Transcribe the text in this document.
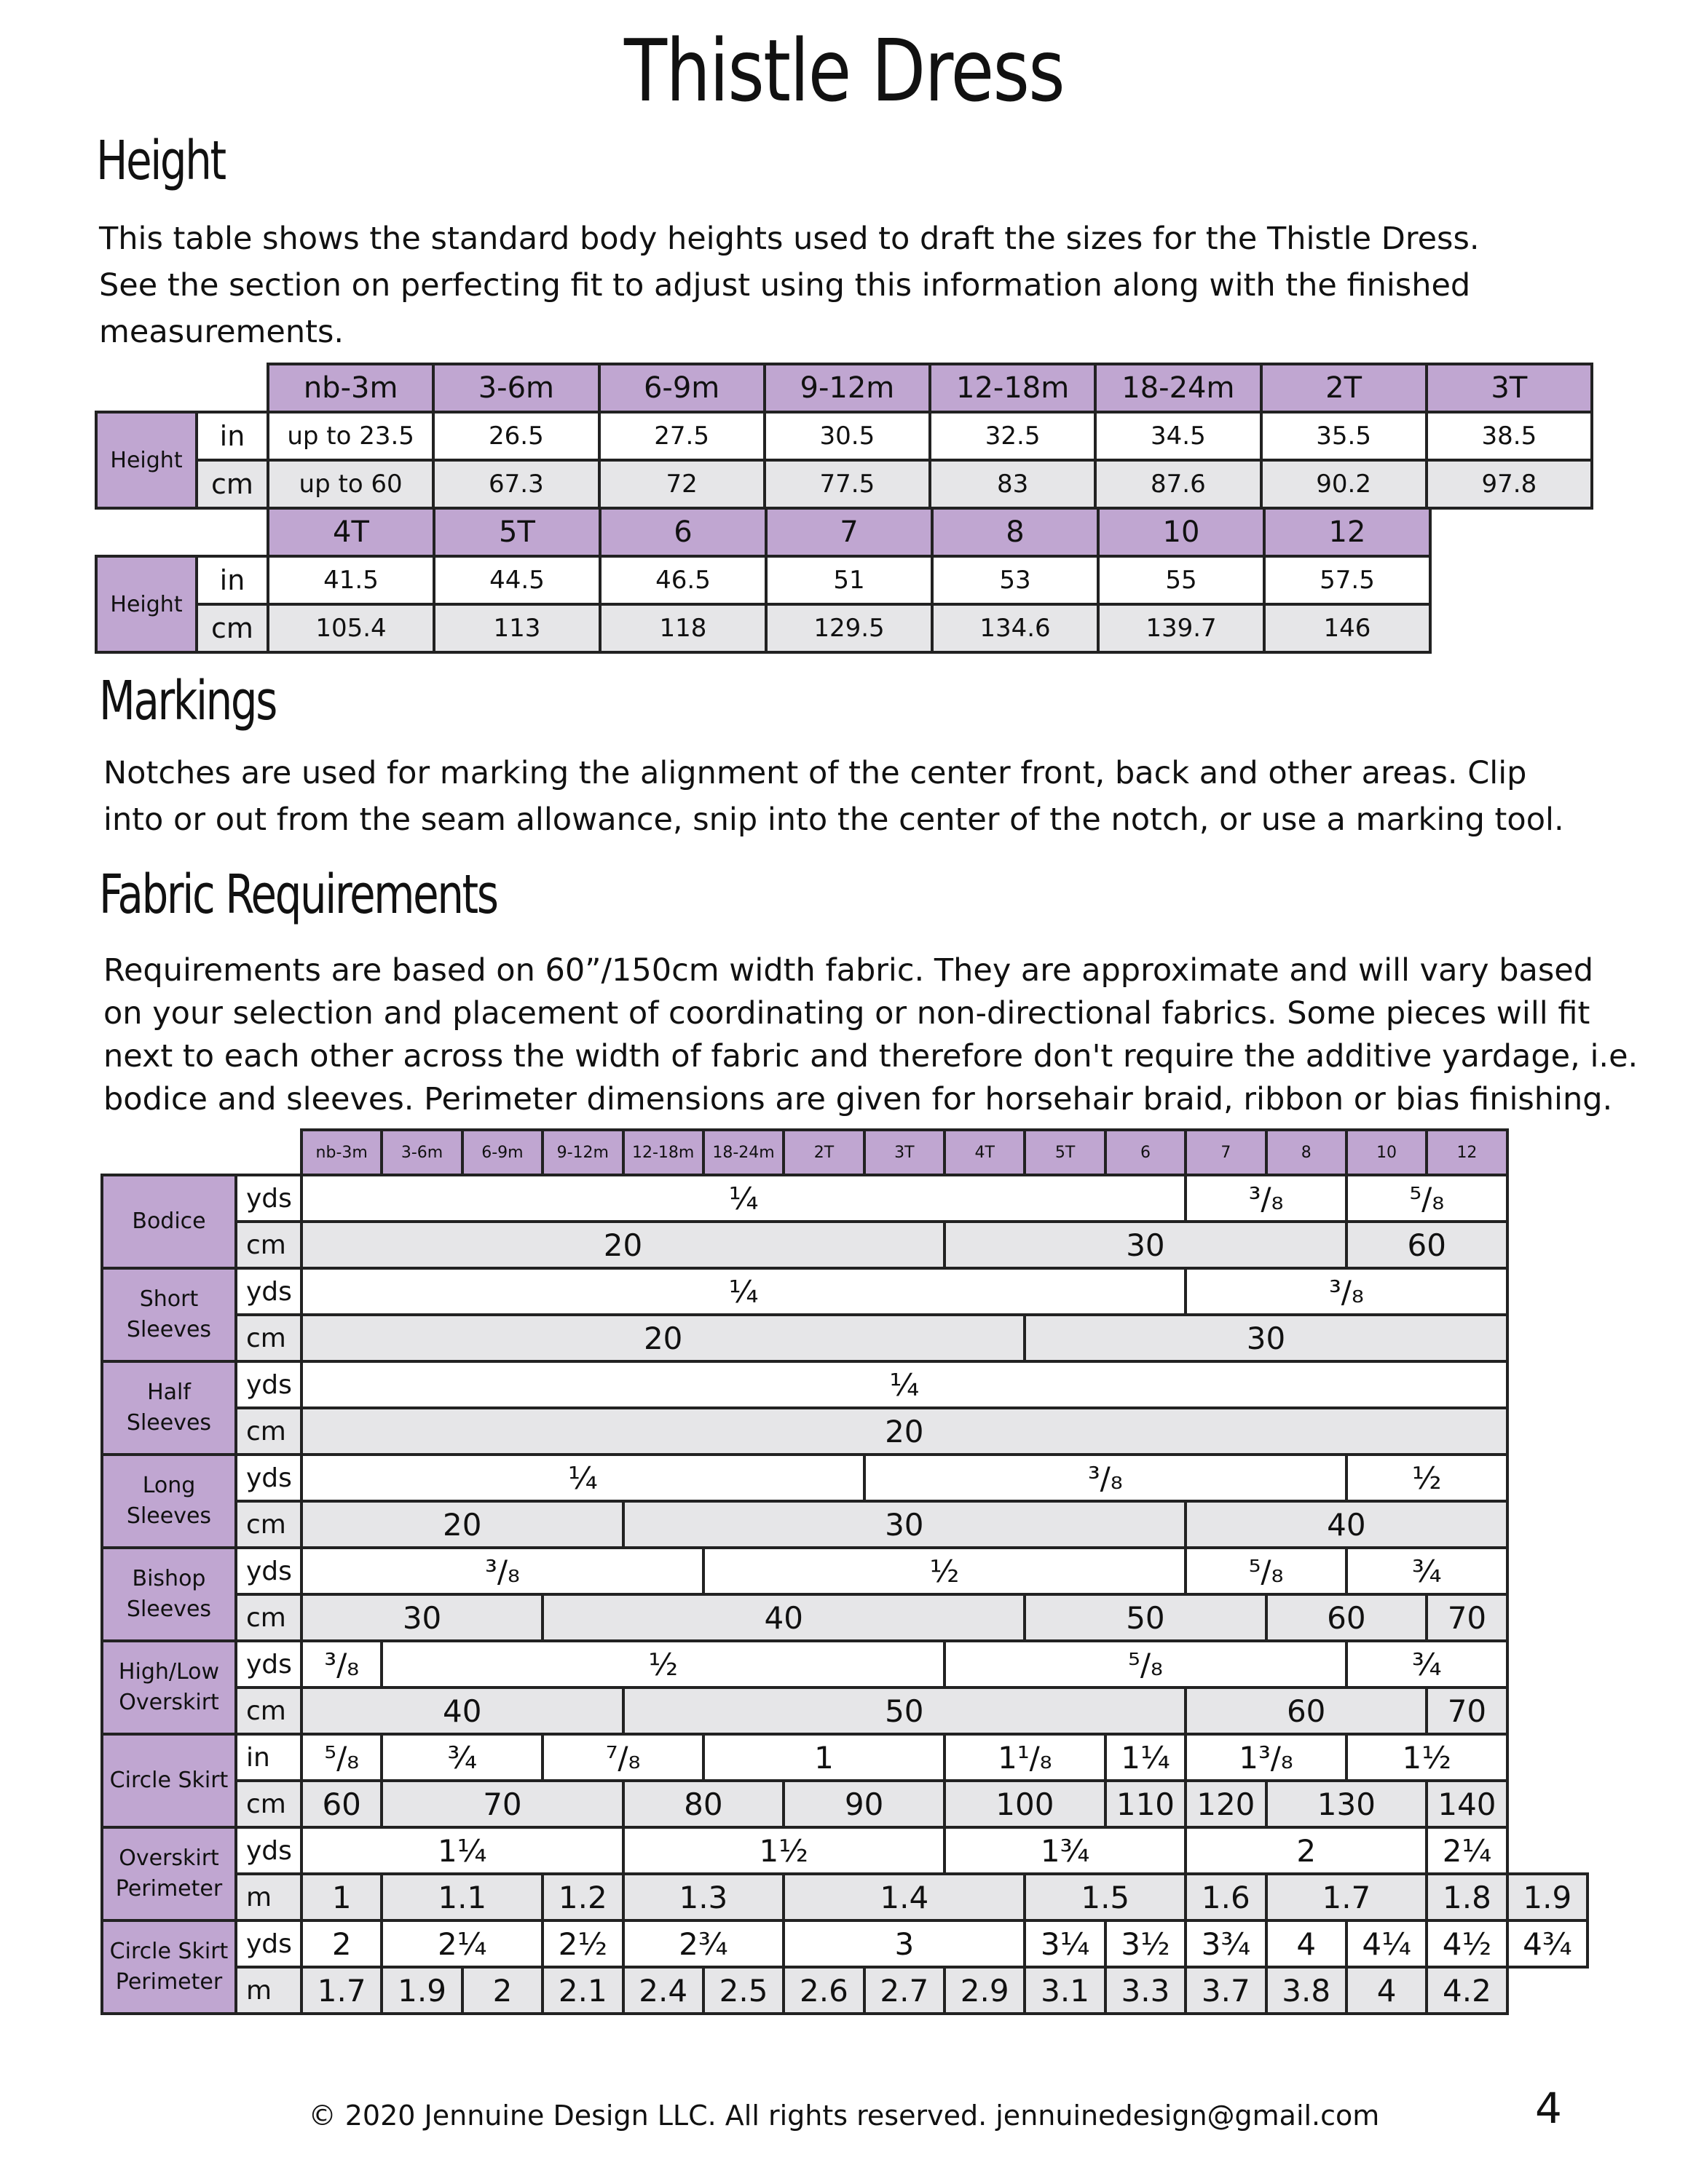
Thistle Dress
Height
This table shows the standard body heights used to draft the sizes for the Thistle Dress.
See the section on perfecting fit to adjust using this information along with the finished
measurements.
		nb-3m	3-6m	6-9m	9-12m	12-18m	18-24m	2T	3T
Height	in	up to 23.5	26.5	27.5	30.5	32.5	34.5	35.5	38.5
	cm	up to 60	67.3	72	77.5	83	87.6	90.2	97.8
		4T	5T	6	7	8	10	12
Height	in	41.5	44.5	46.5	51	53	55	57.5
	cm	105.4	113	118	129.5	134.6	139.7	146
Markings
Notches are used for marking the alignment of the center front, back and other areas. Clip
into or out from the seam allowance, snip into the center of the notch, or use a marking tool.
Fabric Requirements
Requirements are based on 60”/150cm width fabric. They are approximate and will vary based
on your selection and placement of coordinating or non-directional fabrics. Some pieces will fit
next to each other across the width of fabric and therefore don't require the additive yardage, i.e.
bodice and sleeves. Perimeter dimensions are given for horsehair braid, ribbon or bias finishing.
		nb-3m	3-6m	6-9m	9-12m	12-18m	18-24m	2T	3T	4T	5T	6	7	8	10	12	
Bodice	yds	¼											³/₈		⁵/₈		
	cm	20								30					60		
Short
Sleeves	yds	¼											³/₈				
	cm	20									30						
Half
Sleeves	yds	¼															
	cm	20															
Long
Sleeves	yds	¼							³/₈						½		
	cm	20				30							40				
Bishop
Sleeves	yds	³/₈					½						⁵/₈		¾		
	cm	30			40						50			60		70	
High/Low
Overskirt	yds	³/₈	½							⁵/₈					¾		
	cm	40				50							60			70	
Circle Skirt	in	⁵/₈	¾		⁷/₈		1			1¹/₈		1¼	1³/₈		1½		
	cm	60	70			80		90		100		110	120	130		140	
Overskirt
Perimeter	yds	1¼				1½				1¾			2			2¼	
	m	1	1.1		1.2	1.3		1.4			1.5		1.6	1.7		1.8	1.9
Circle Skirt
Perimeter	yds	2	2¼		2½	2¾		3			3¼	3½	3¾	4	4¼	4½	4¾
	m	1.7	1.9	2	2.1	2.4	2.5	2.6	2.7	2.9	3.1	3.3	3.7	3.8	4	4.2	
© 2020 Jennuine Design LLC. All rights reserved. jennuinedesign@gmail.com	4
